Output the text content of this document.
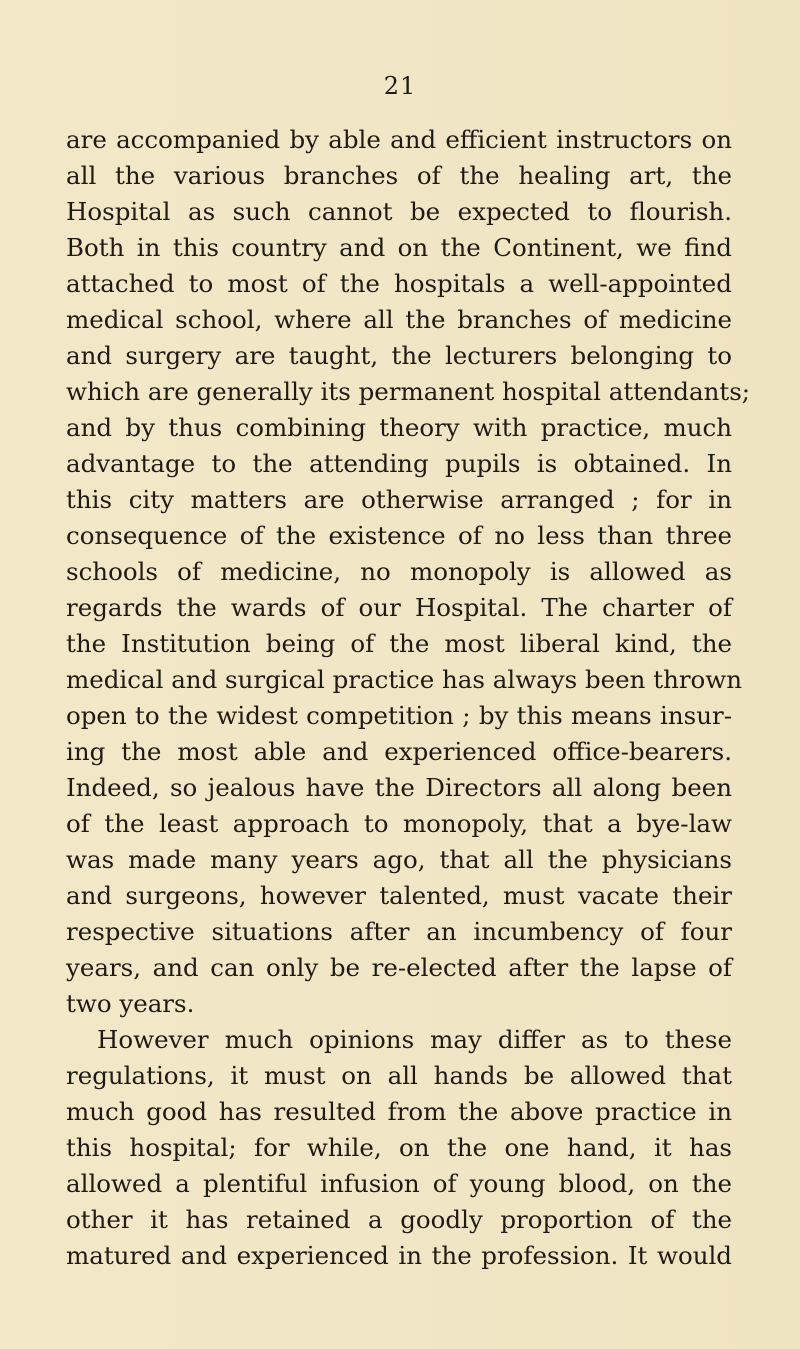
21
are accompanied by able and efficient instructors on
all the various branches of the healing art, the
Hospital as such cannot be expected to flourish.
Both in this country and on the Continent, we find
attached to most of the hospitals a well-appointed
medical school, where all the branches of medicine
and surgery are taught, the lecturers belonging to
which are generally its permanent hospital attendants;
and by thus combining theory with practice, much
advantage to the attending pupils is obtained. In
this city matters are otherwise arranged ; for in
consequence of the existence of no less than three
schools of medicine, no monopoly is allowed as
regards the wards of our Hospital. The charter of
the Institution being of the most liberal kind, the
medical and surgical practice has always been thrown
open to the widest competition ; by this means insur-
ing the most able and experienced office-bearers.
Indeed, so jealous have the Directors all along been
of the least approach to monopoly, that a bye-law
was made many years ago, that all the physicians
and surgeons, however talented, must vacate their
respective situations after an incumbency of four
years, and can only be re-elected after the lapse of
two years.
However much opinions may differ as to these
regulations, it must on all hands be allowed that
much good has resulted from the above practice in
this hospital; for while, on the one hand, it has
allowed a plentiful infusion of young blood, on the
other it has retained a goodly proportion of the
matured and experienced in the profession. It would
